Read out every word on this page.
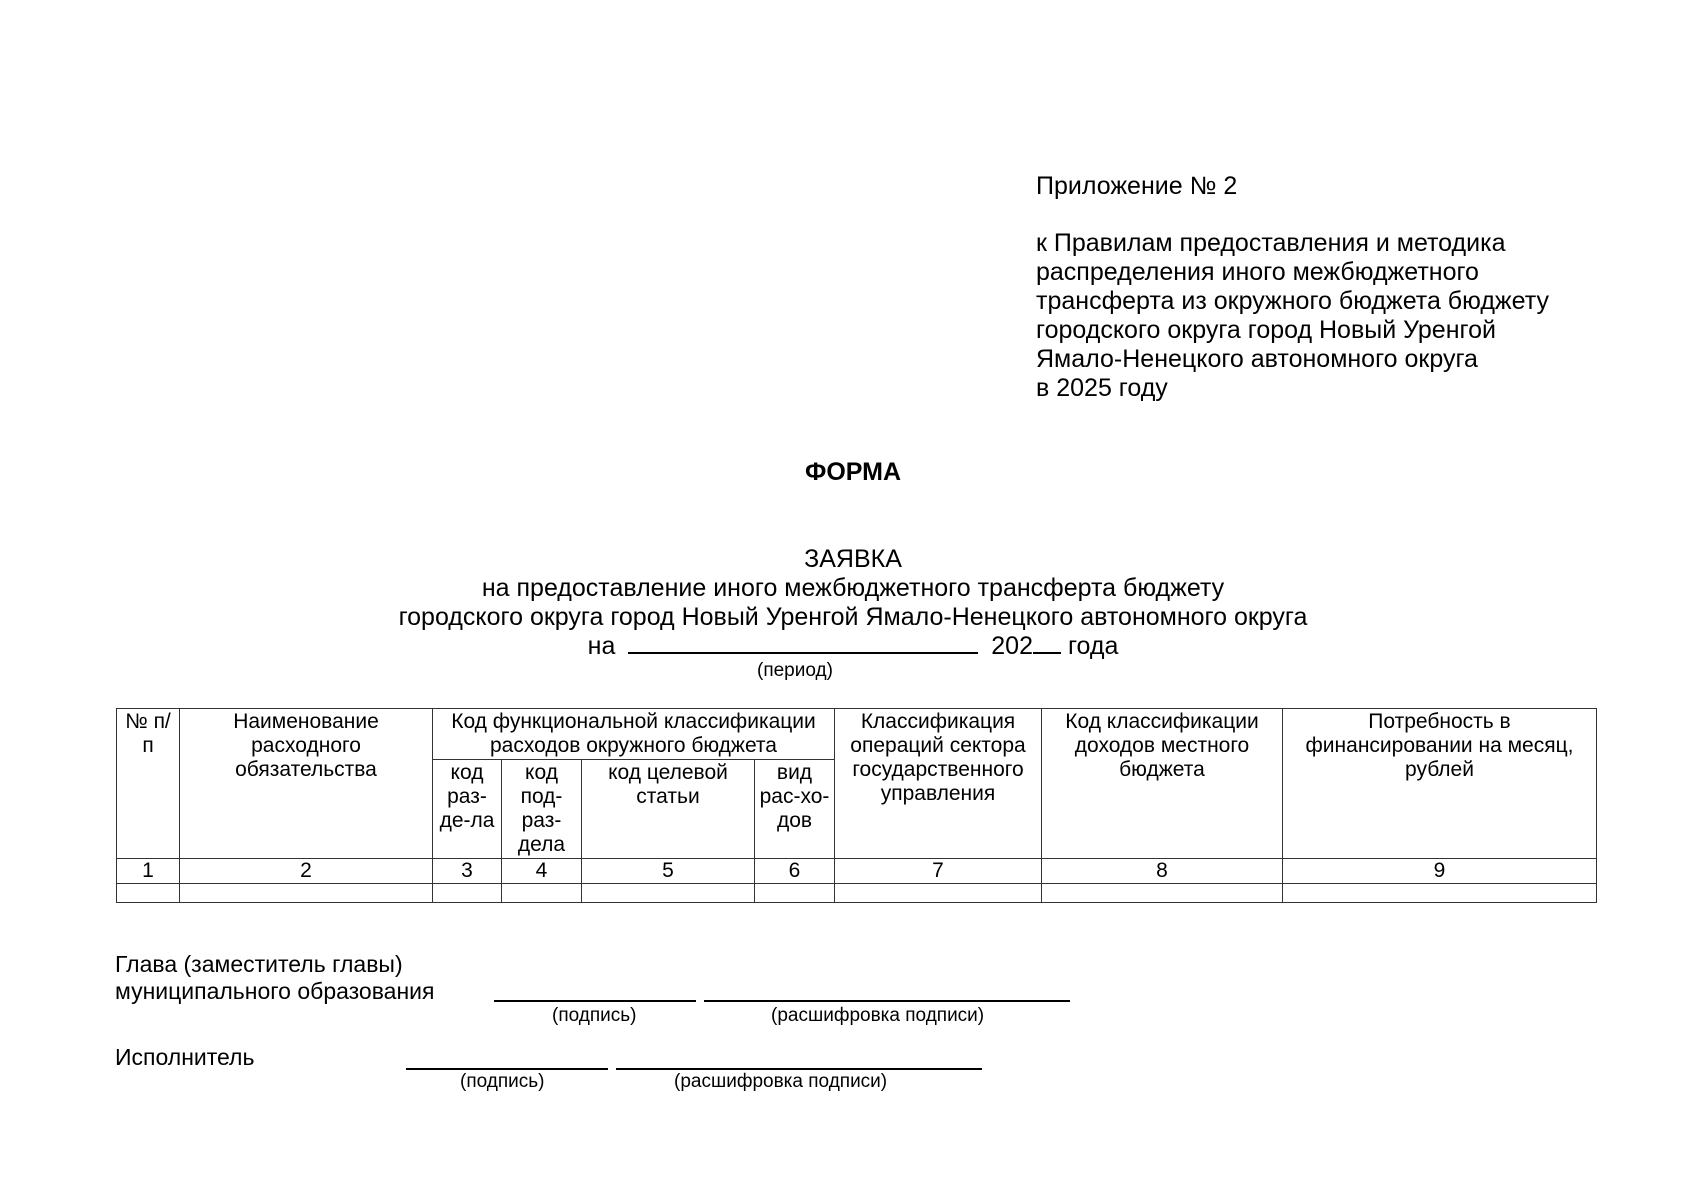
Приложение № 2
к Правилам предоставления и методика
распределения иного межбюджетного
трансферта из окружного бюджета бюджету
городского округа город Новый Уренгой
Ямало-Ненецкого автономного округа
в 2025 году
ФОРМА
ЗАЯВКА
на предоставление иного межбюджетного трансферта бюджету
городского округа город Новый Уренгой Ямало-Ненецкого автономного округа
на	202 года
(период)
№ п/п	Наименование расходного обязательства	Код функциональной классификации расходов окружного бюджета				Классификация операций сектора государственного управления	Код классификации доходов местного бюджета	Потребность в финансировании на месяц, рублей
		код раз-де-ла	код под-раз-дела	код целевой статьи	вид рас-хо-дов			
1	2	3	4	5	6	7	8	9

Глава (заместитель главы)
муниципального образования
(подпись)	(расшифровка подписи)
Исполнитель
(подпись)	(расшифровка подписи)
